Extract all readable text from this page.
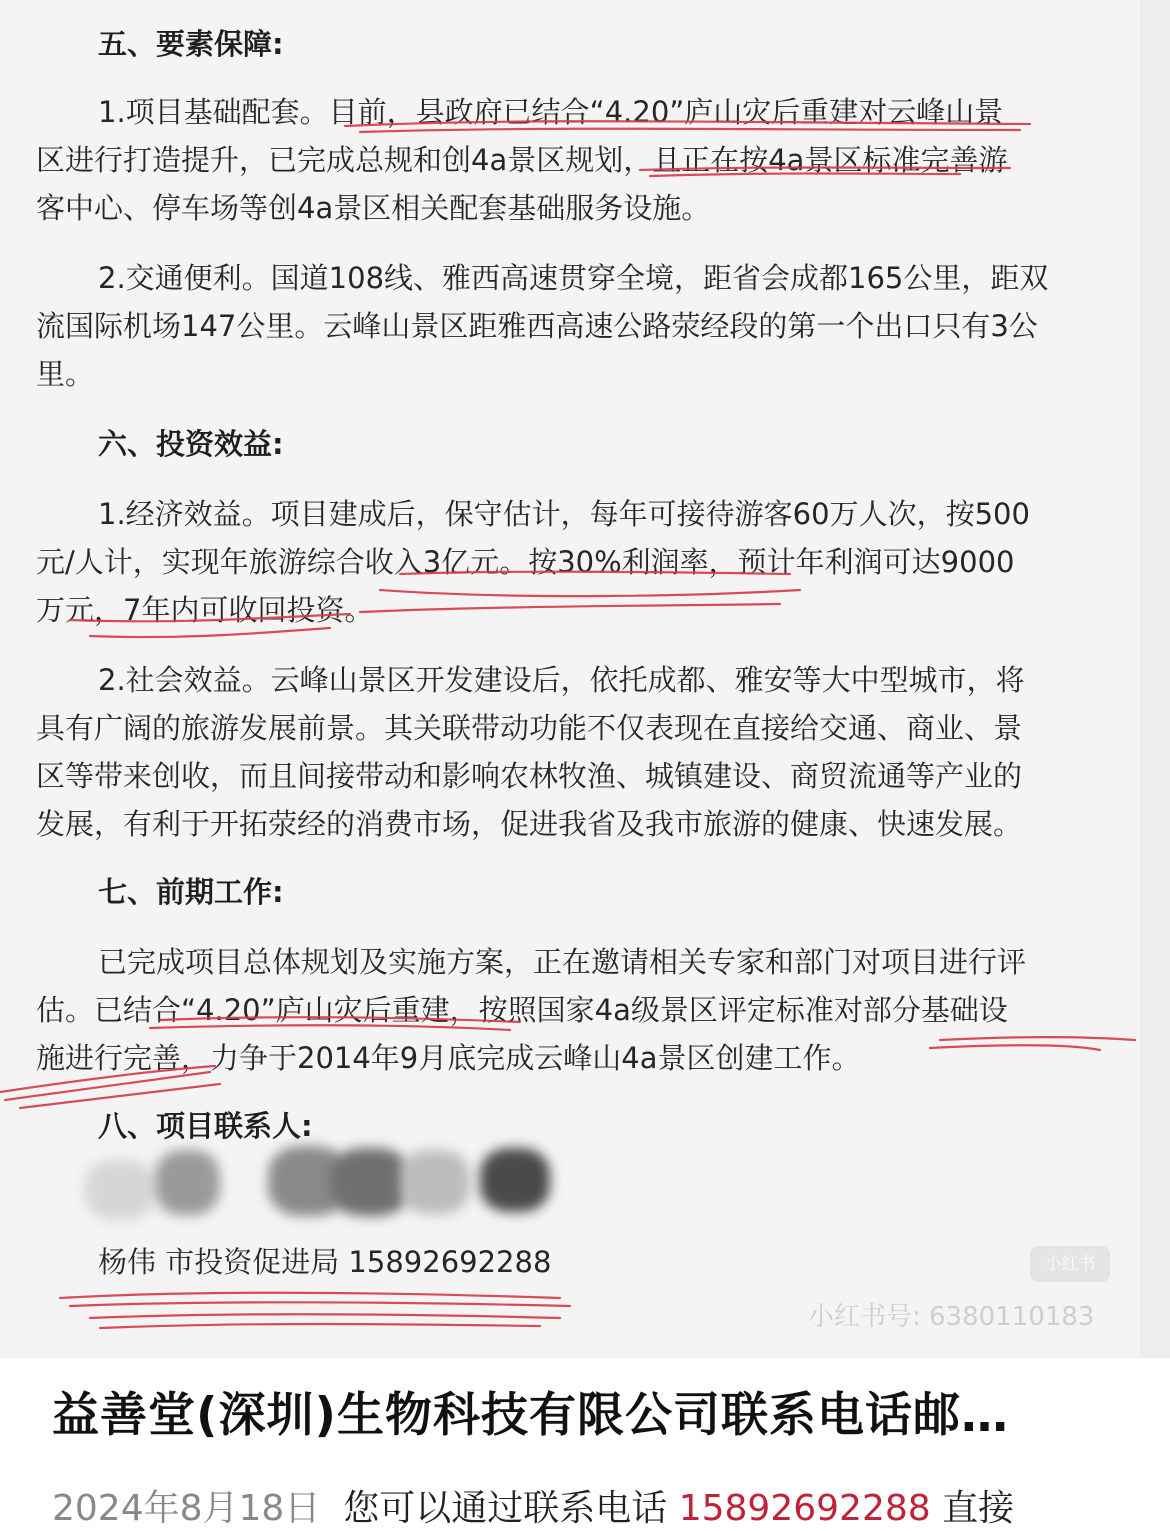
五、要素保障:

1.项目基础配套。目前，县政府已结合“4.20”庐山灾后重建对云峰山景

区进行打造提升，已完成总规和创4a景区规划，且正在按4a景区标准完善游

客中心、停车场等创4a景区相关配套基础服务设施。

2.交通便利。国道108线、雅西高速贯穿全境，距省会成都165公里，距双

流国际机场147公里。云峰山景区距雅西高速公路荥经段的第一个出口只有3公

里。

六、投资效益:

1.经济效益。项目建成后，保守估计，每年可接待游客60万人次，按500

元/人计，实现年旅游综合收入3亿元。按30%利润率，预计年利润可达9000

万元，7年内可收回投资。

2.社会效益。云峰山景区开发建设后，依托成都、雅安等大中型城市，将

具有广阔的旅游发展前景。其关联带动功能不仅表现在直接给交通、商业、景

区等带来创收，而且间接带动和影响农林牧渔、城镇建设、商贸流通等产业的

发展，有利于开拓荥经的消费市场，促进我省及我市旅游的健康、快速发展。

七、前期工作:

已完成项目总体规划及实施方案，正在邀请相关专家和部门对项目进行评

估。已结合“4.20”庐山灾后重建，按照国家4a级景区评定标准对部分基础设

施进行完善，力争于2014年9月底完成云峰山4a景区创建工作。

八、项目联系人:

杨伟 市投资促进局 15892692288	小红书
小红书号: 6380110183
益善堂(深圳)生物科技有限公司联系电话邮…

2024年8月18日 您可以通过联系电话 15892692288 直接
